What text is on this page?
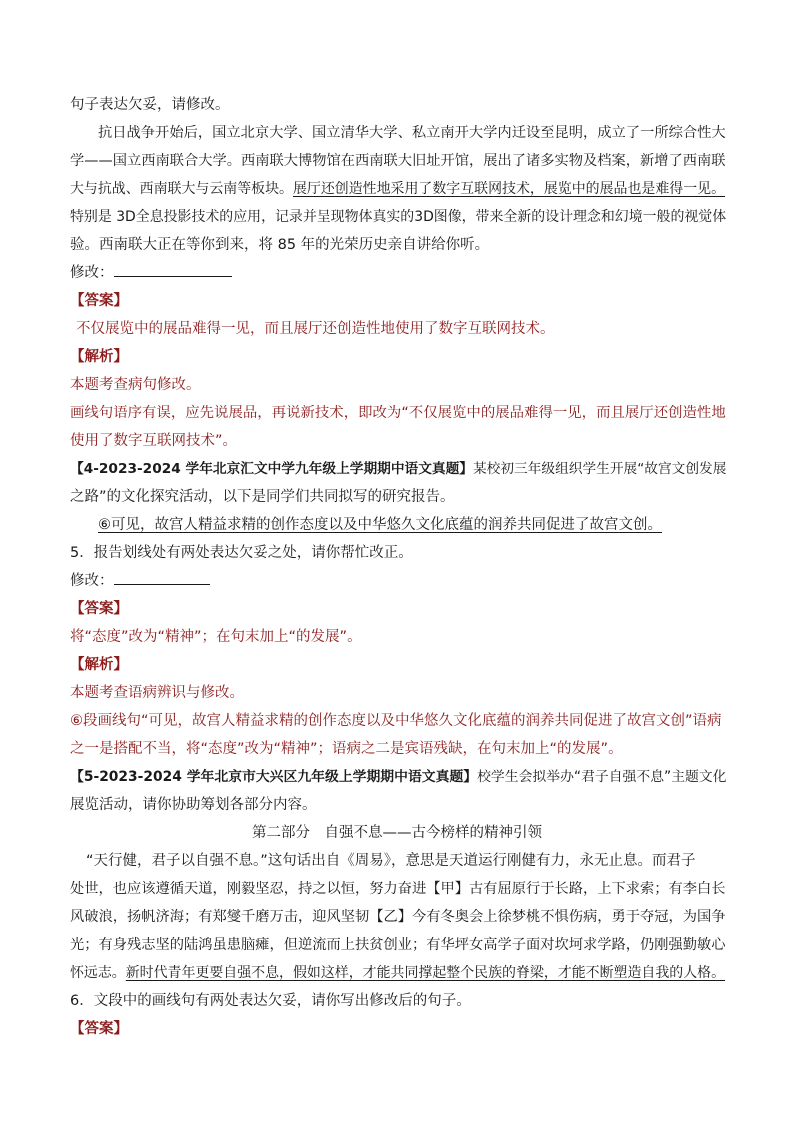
句子表达欠妥，请修改。
抗日战争开始后，国立北京大学、国立清华大学、私立南开大学内迁设至昆明，成立了一所综合性大
学——国立西南联合大学。西南联大博物馆在西南联大旧址开馆，展出了诸多实物及档案，新增了西南联
大与抗战、西南联大与云南等板块。展厅还创造性地采用了数字互联网技术，展览中的展品也是难得一见。
特别是 3D全息投影技术的应用，记录并呈现物体真实的3D图像，带来全新的设计理念和幻境一般的视觉体
验。西南联大正在等你到来，将 85 年的光荣历史亲自讲给你听。
修改：
【答案】
不仅展览中的展品难得一见，而且展厅还创造性地使用了数字互联网技术。
【解析】
本题考查病句修改。
画线句语序有误，应先说展品，再说新技术，即改为“不仅展览中的展品难得一见，而且展厅还创造性地
使用了数字互联网技术”。
【4-2023-2024 学年北京汇文中学九年级上学期期中语文真题】某校初三年级组织学生开展“故宫文创发展
之路”的文化探究活动，以下是同学们共同拟写的研究报告。
⑥可见，故宫人精益求精的创作态度以及中华悠久文化底蕴的润养共同促进了故宫文创。
5．报告划线处有两处表达欠妥之处，请你帮忙改正。
修改：
【答案】
将“态度”改为“精神”；在句末加上“的发展”。
【解析】
本题考查语病辨识与修改。
⑥段画线句“可见，故宫人精益求精的创作态度以及中华悠久文化底蕴的润养共同促进了故宫文创”语病
之一是搭配不当，将“态度”改为“精神”；语病之二是宾语残缺，在句末加上“的发展”。
【5-2023-2024 学年北京市大兴区九年级上学期期中语文真题】校学生会拟举办“君子自强不息”主题文化
展览活动，请你协助筹划各部分内容。
第二部分　自强不息——古今榜样的精神引领
“天行健，君子以自强不息。”这句话出自《周易》，意思是天道运行刚健有力，永无止息。而君子
处世，也应该遵循天道，刚毅坚忍，持之以恒，努力奋进【甲】古有屈原行于长路，上下求索；有李白长
风破浪，扬帆济海；有郑燮千磨万击，迎风坚韧【乙】今有冬奥会上徐梦桃不惧伤病，勇于夺冠，为国争
光；有身残志坚的陆鸿虽患脑瘫，但逆流而上扶贫创业；有华坪女高学子面对坎坷求学路，仍刚强勤敏心
怀远志。新时代青年更要自强不息，假如这样，才能共同撑起整个民族的脊梁，才能不断塑造自我的人格。
6．文段中的画线句有两处表达欠妥，请你写出修改后的句子。
【答案】
